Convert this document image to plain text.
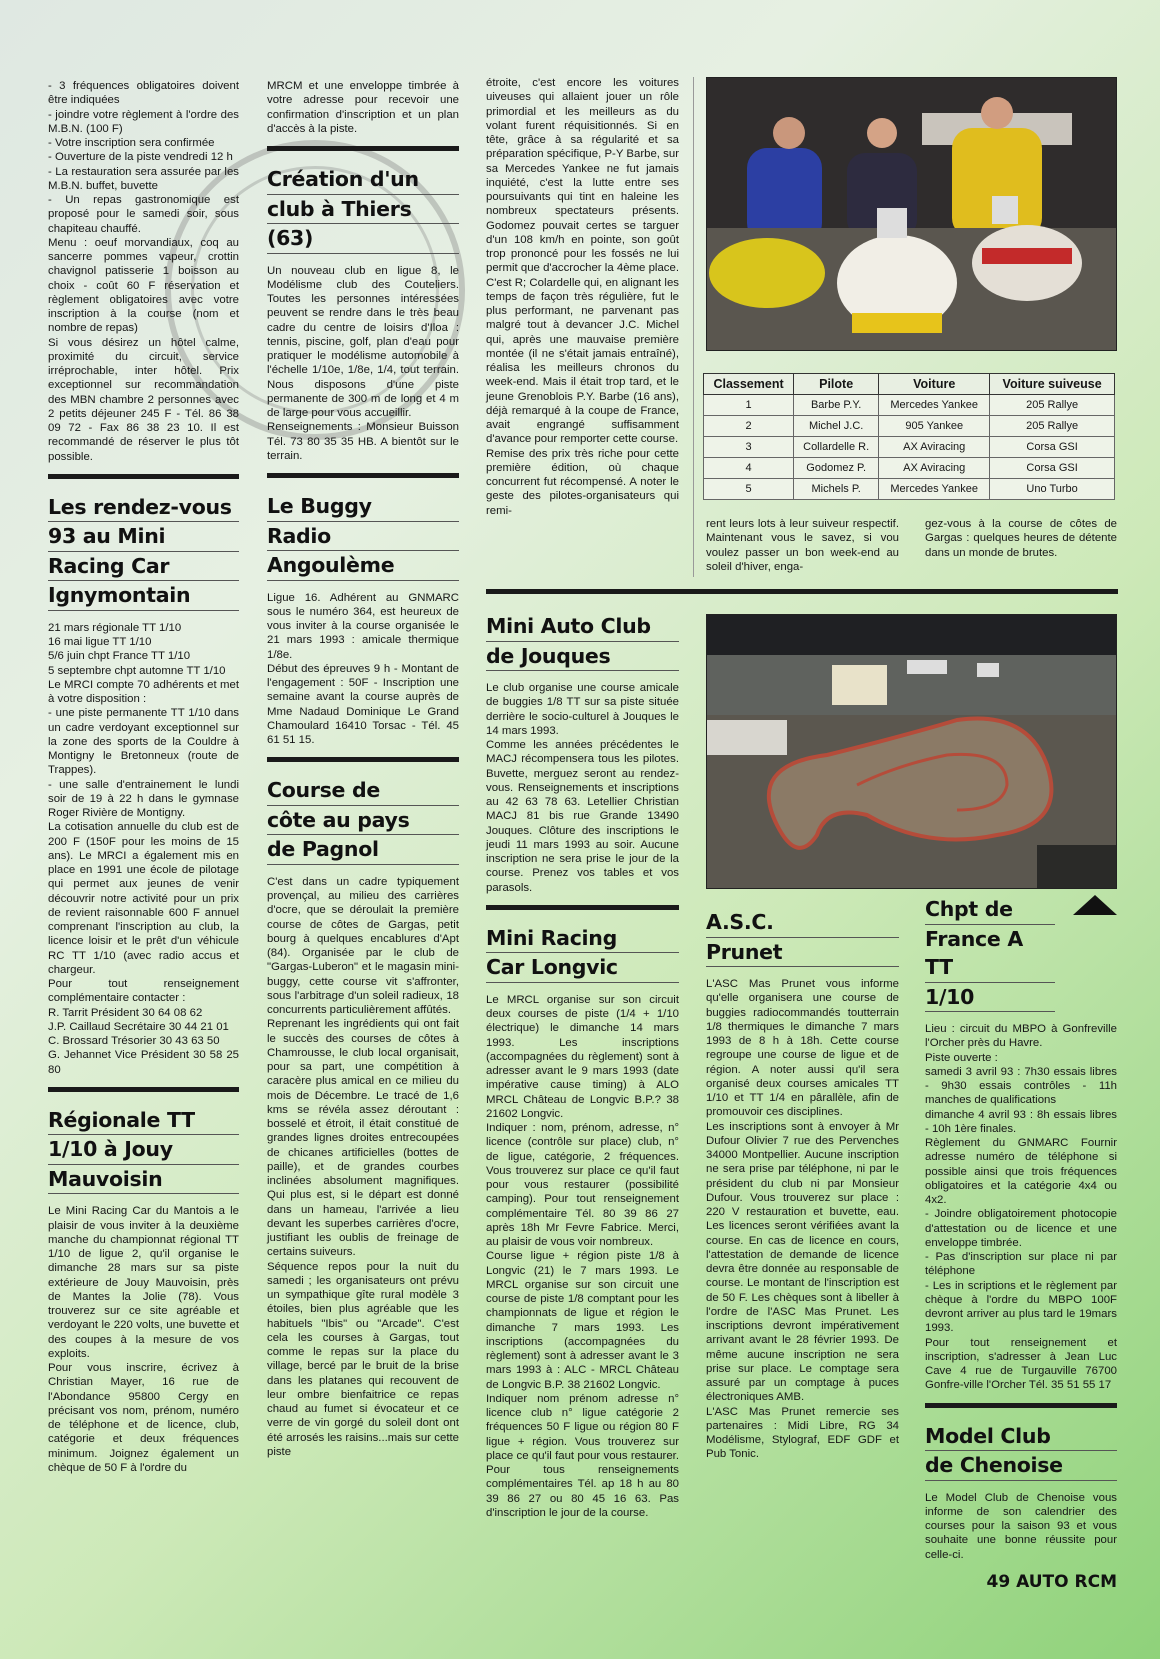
- 3 fréquences obligatoires doivent être indiquées

- joindre votre règlement à l'ordre des M.B.N. (100 F)

- Votre inscription sera confirmée

- Ouverture de la piste vendredi 12 h

- La restauration sera assurée par les M.B.N. buffet, buvette

- Un repas gastronomique est proposé pour le samedi soir, sous chapiteau chauffé.

Menu : oeuf morvandiaux, coq au sancerre pommes vapeur, crottin chavignol patisserie 1 boisson au choix - coût 60 F réservation et règlement obligatoires avec votre inscription à la course (nom et nombre de repas)

Si vous désirez un hôtel calme, proximité du circuit, service irréprochable, inter hôtel. Prix exceptionnel sur recommandation des MBN chambre 2 personnes avec 2 petits déjeuner 245 F - Tél. 86 38 09 72 - Fax 86 38 23 10. Il est recommandé de réserver le plus tôt possible.

Les rendez-vous
93 au Mini
Racing Car
Ignymontain

21 mars régionale TT 1/10

16 mai ligue TT 1/10

5/6 juin chpt France TT 1/10

5 septembre chpt automne TT 1/10

Le MRCI compte 70 adhérents et met à votre disposition :

- une piste permanente TT 1/10 dans un cadre verdoyant exceptionnel sur la zone des sports de la Couldre à Montigny le Bretonneux (route de Trappes).

- une salle d'entrainement le lundi soir de 19 à 22 h dans le gymnase Roger Rivière de Montigny.

La cotisation annuelle du club est de 200 F (150F pour les moins de 15 ans). Le MRCI a également mis en place en 1991 une école de pilotage qui permet aux jeunes de venir découvrir notre activité pour un prix de revient raisonnable 600 F annuel comprenant l'inscription au club, la licence loisir et le prêt d'un véhicule RC TT 1/10 (avec radio accus et chargeur.

Pour tout renseignement complémentaire contacter :

R. Tarrit Président 30 64 08 62

J.P. Caillaud Secrétaire 30 44 21 01

C. Brossard Trésorier 30 43 63 50

G. Jehannet Vice Président 30 58 25 80

Régionale TT
1/10 à Jouy
Mauvoisin

Le Mini Racing Car du Mantois a le plaisir de vous inviter à la deuxième manche du championnat régional TT 1/10 de ligue 2, qu'il organise le dimanche 28 mars sur sa piste extérieure de Jouy Mauvoisin, près de Mantes la Jolie (78). Vous trouverez sur ce site agréable et verdoyant le 220 volts, une buvette et des coupes à la mesure de vos exploits.

Pour vous inscrire, écrivez à Christian Mayer, 16 rue de l'Abondance 95800 Cergy en précisant vos nom, prénom, numéro de téléphone et de licence, club, catégorie et deux fréquences minimum. Joignez également un chèque de 50 F à l'ordre du

MRCM et une enveloppe timbrée à votre adresse pour recevoir une confirmation d'inscription et un plan d'accès à la piste.

Création d'un
club à Thiers
(63)

Un nouveau club en ligue 8, le Modélisme club des Couteliers. Toutes les personnes intéressées peuvent se rendre dans le très beau cadre du centre de loisirs d'Iloa : tennis, piscine, golf, plan d'eau pour pratiquer le modélisme automobile à l'échelle 1/10e, 1/8e, 1/4, tout terrain. Nous disposons d'une piste permanente de 300 m de long et 4 m de large pour vous accueillir.

Renseignements : Monsieur Buisson Tél. 73 80 35 35 HB. A bientôt sur le terrain.

Le Buggy
Radio
Angoulème

Ligue 16. Adhérent au GNMARC sous le numéro 364, est heureux de vous inviter à la course organisée le 21 mars 1993 : amicale thermique 1/8e.

Début des épreuves 9 h - Montant de l'engagement : 50F - Inscription une semaine avant la course auprès de Mme Nadaud Dominique Le Grand Chamoulard 16410 Torsac - Tél. 45 61 51 15.

Course de
côte au pays
de Pagnol

C'est dans un cadre typiquement provençal, au milieu des carrières d'ocre, que se déroulait la première course de côtes de Gargas, petit bourg à quelques encablures d'Apt (84). Organisée par le club de "Gargas-Luberon" et le magasin mini-buggy, cette course vit s'affronter, sous l'arbitrage d'un soleil radieux, 18 concurrents particulièrement affûtés.

Reprenant les ingrédients qui ont fait le succès des courses de côtes à Chamrousse, le club local organisait, pour sa part, une compétition à caracère plus amical en ce milieu du mois de Décembre. Le tracé de 1,6 kms se révéla assez déroutant : bosselé et étroit, il était constitué de grandes lignes droites entrecoupées de chicanes artificielles (bottes de paille), et de grandes courbes inclinées absolument magnifiques. Qui plus est, si le départ est donné dans un hameau, l'arrivée a lieu devant les superbes carrières d'ocre, justifiant les oublis de freinage de certains suiveurs.

Séquence repos pour la nuit du samedi ; les organisateurs ont prévu un sympathique gîte rural modèle 3 étoiles, bien plus agréable que les habituels "Ibis" ou "Arcade". C'est cela les courses à Gargas, tout comme le repas sur la place du village, bercé par le bruit de la brise dans les platanes qui recouvent de leur ombre bienfaitrice ce repas chaud au fumet si évocateur et ce verre de vin gorgé du soleil dont ont été arrosés les raisins...mais sur cette piste

étroite, c'est encore les voitures uiveuses qui allaient jouer un rôle primordial et les meilleurs as du volant furent réquisitionnés. Si en tête, grâce à sa régularité et sa préparation spécifique, P-Y Barbe, sur sa Mercedes Yankee ne fut jamais inquiété, c'est la lutte entre ses poursuivants qui tint en haleine les nombreux spectateurs présents. Godomez pouvait certes se targuer d'un 108 km/h en pointe, son goût trop prononcé pour les fossés ne lui permit que d'accrocher la 4ème place. C'est R; Colardelle qui, en alignant les temps de façon très régulière, fut le plus performant, ne parvenant pas malgré tout à devancer J.C. Michel qui, après une mauvaise première montée (il ne s'était jamais entraîné), réalisa les meilleurs chronos du week-end. Mais il était trop tard, et le jeune Grenoblois P.Y. Barbe (16 ans), déjà remarqué à la coupe de France, avait engrangé suffisamment d'avance pour remporter cette course.

Remise des prix très riche pour cette première édition, où chaque concurrent fut récompensé. A noter le geste des pilotes-organisateurs qui remi-

Classement	Pilote	Voiture	Voiture suiveuse
1	Barbe P.Y.	Mercedes Yankee	205 Rallye
2	Michel J.C.	905 Yankee	205 Rallye
3	Collardelle R.	AX Aviracing	Corsa GSI
4	Godomez P.	AX Aviracing	Corsa GSI
5	Michels P.	Mercedes Yankee	Uno Turbo

rent leurs lots à leur suiveur respectif. Maintenant vous le savez, si vou voulez passer un bon week-end au soleil d'hiver, enga-

gez-vous à la course de côtes de Gargas : quelques heures de détente dans un monde de brutes.

49 AUTO RCM
Mini Auto Club
de Jouques

Le club organise une course amicale de buggies 1/8 TT sur sa piste située derrière le socio-culturel à Jouques le 14 mars 1993.

Comme les années précédentes le MACJ récompensera tous les pilotes. Buvette, merguez seront au rendez-vous. Renseignements et inscriptions au 42 63 78 63. Letellier Christian MACJ 81 bis rue Grande 13490 Jouques. Clôture des inscriptions le jeudi 11 mars 1993 au soir. Aucune inscription ne sera prise le jour de la course. Prenez vos tables et vos parasols.

Mini Racing
Car Longvic

Le MRCL organise sur son circuit deux courses de piste (1/4 + 1/10 électrique) le dimanche 14 mars 1993. Les inscriptions (accompagnées du règlement) sont à adresser avant le 9 mars 1993 (date impérative cause timing) à ALO MRCL Château de Longvic B.P.? 38 21602 Longvic.

Indiquer : nom, prénom, adresse, n° licence (contrôle sur place) club, n° de ligue, catégorie, 2 fréquences. Vous trouverez sur place ce qu'il faut pour vous restaurer (possibilité camping). Pour tout renseignement complémentaire Tél. 80 39 86 27 après 18h Mr Fevre Fabrice. Merci, au plaisir de vous voir nombreux.

Course ligue + région piste 1/8 à Longvic (21) le 7 mars 1993. Le MRCL organise sur son circuit une course de piste 1/8 comptant pour les championnats de ligue et région le dimanche 7 mars 1993. Les inscriptions (accompagnées du règlement) sont à adresser avant le 3 mars 1993 à : ALC - MRCL Château de Longvic B.P. 38 21602 Longvic.

Indiquer nom prénom adresse n° licence club n° ligue catégorie 2 fréquences 50 F ligue ou région 80 F ligue + région. Vous trouverez sur place ce qu'il faut pour vous restaurer. Pour tous renseignements complémentaires Tél. ap 18 h au 80 39 86 27 ou 80 45 16 63. Pas d'inscription le jour de la course.

A.S.C.
Prunet

L'ASC Mas Prunet vous informe qu'elle organisera une course de buggies radiocommandés toutterrain 1/8 thermiques le dimanche 7 mars 1993 de 8 h à 18h. Cette course regroupe une course de ligue et de région. A noter aussi qu'il sera organisé deux courses amicales TT 1/10 et TT 1/4 en pârallèle, afin de promouvoir ces disciplines.

Les inscriptions sont à envoyer à Mr Dufour Olivier 7 rue des Pervenches 34000 Montpellier. Aucune inscription ne sera prise par téléphone, ni par le président du club ni par Monsieur Dufour. Vous trouverez sur place : 220 V restauration et buvette, eau. Les licences seront vérifiées avant la course. En cas de licence en cours, l'attestation de demande de licence devra être donnée au responsable de course. Le montant de l'inscription est de 50 F. Les chèques sont à libeller à l'ordre de l'ASC Mas Prunet. Les inscriptions devront impérativement arrivant avant le 28 février 1993. De même aucune inscription ne sera prise sur place. Le comptage sera assuré par un comptage à puces électroniques AMB.

L'ASC Mas Prunet remercie ses partenaires : Midi Libre, RG 34 Modélisme, Stylograf, EDF GDF et Pub Tonic.

Chpt de
France A TT
1/10

Lieu : circuit du MBPO à Gonfreville l'Orcher près du Havre.

Piste ouverte :

samedi 3 avril 93 : 7h30 essais libres - 9h30 essais contrôles - 11h manches de qualifications

dimanche 4 avril 93 : 8h essais libres - 10h 1ère finales.

Règlement du GNMARC Fournir adresse numéro de téléphone si possible ainsi que trois fréquences obligatoires et la catégorie 4x4 ou 4x2.

- Joindre obligatoirement photocopie d'attestation ou de licence et une enveloppe timbrée.

- Pas d'inscription sur place ni par téléphone

- Les in scriptions et le règlement par chèque à l'ordre du MBPO 100F devront arriver au plus tard le 19mars 1993.

Pour tout renseignement et inscription, s'adresser à Jean Luc Cave 4 rue de Turgauville 76700 Gonfre-ville l'Orcher Tél. 35 51 55 17

Model Club
de Chenoise

Le Model Club de Chenoise vous informe de son calendrier des courses pour la saison 93 et vous souhaite une bonne réussite pour celle-ci.
